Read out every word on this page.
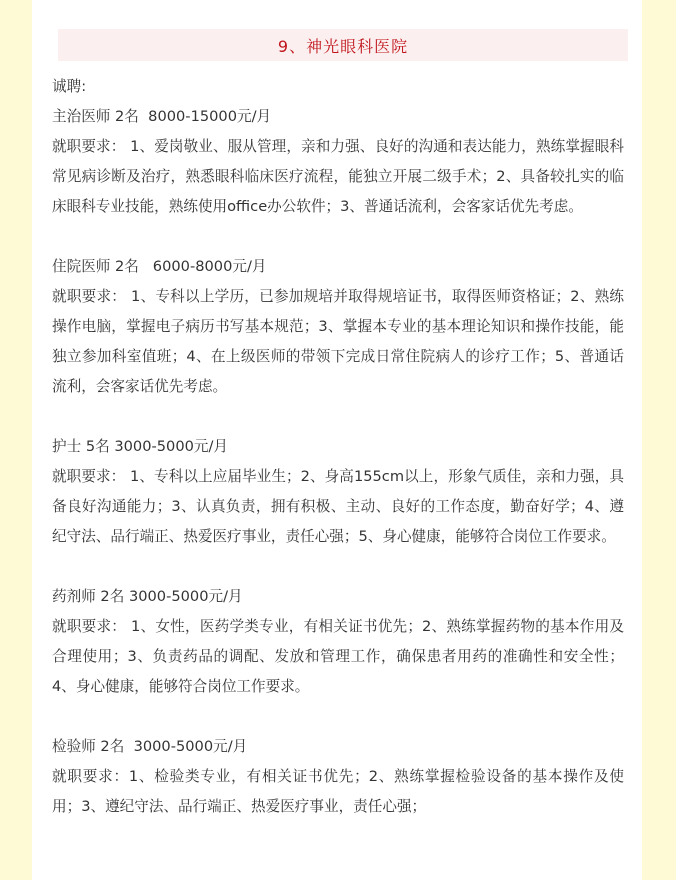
9、神光眼科医院

诚聘:

主治医师 2名  8000-15000元/月

就职要求： 1、爱岗敬业、服从管理，亲和力强、良好的沟通和表达能力，熟练掌握眼科常见病诊断及治疗，熟悉眼科临床医疗流程，能独立开展二级手术；2、具备较扎实的临床眼科专业技能，熟练使用office办公软件；3、普通话流利，会客家话优先考虑。

住院医师 2名   6000-8000元/月

就职要求： 1、专科以上学历，已参加规培并取得规培证书，取得医师资格证；2、熟练操作电脑，掌握电子病历书写基本规范；3、掌握本专业的基本理论知识和操作技能，能独立参加科室值班；4、在上级医师的带领下完成日常住院病人的诊疗工作；5、普通话流利，会客家话优先考虑。

护士 5名 3000-5000元/月

就职要求： 1、专科以上应届毕业生；2、身高155cm以上，形象气质佳，亲和力强，具备良好沟通能力；3、认真负责，拥有积极、主动、良好的工作态度，勤奋好学；4、遵纪守法、品行端正、热爱医疗事业，责任心强；5、身心健康，能够符合岗位工作要求。

药剂师 2名 3000-5000元/月

就职要求： 1、女性，医药学类专业，有相关证书优先；2、熟练掌握药物的基本作用及合理使用；3、负责药品的调配、发放和管理工作，确保患者用药的准确性和安全性；4、身心健康，能够符合岗位工作要求。

检验师 2名  3000-5000元/月

就职要求：1、检验类专业，有相关证书优先；2、熟练掌握检验设备的基本操作及使用；3、遵纪守法、品行端正、热爱医疗事业，责任心强；
